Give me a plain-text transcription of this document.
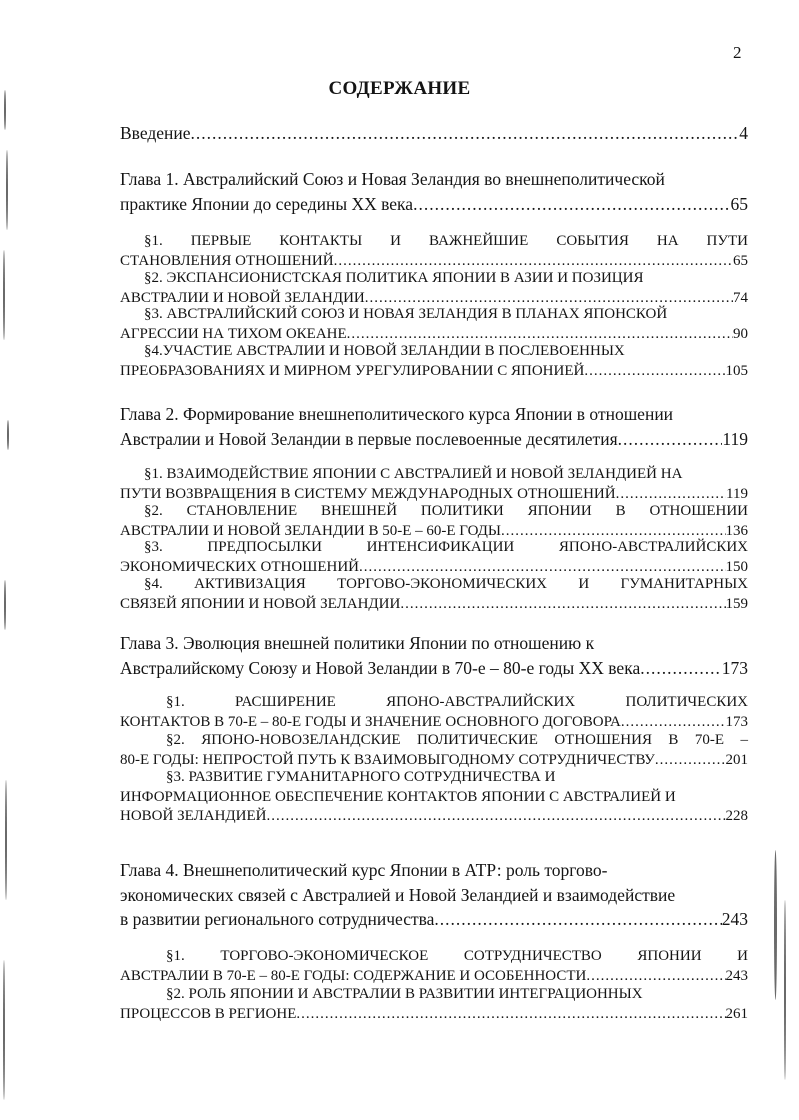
2
СОДЕРЖАНИЕ
Введение .....	4
Глава 1. Австралийский Союз и Новая Зеландия во внешнеполитической
практике Японии до середины XX века .....	65
§1. ПЕРВЫЕ КОНТАКТЫ И ВАЖНЕЙШИЕ СОБЫТИЯ НА ПУТИ
СТАНОВЛЕНИЯ ОТНОШЕНИЙ .....	65
§2. ЭКСПАНСИОНИСТСКАЯ ПОЛИТИКА ЯПОНИИ В АЗИИ И ПОЗИЦИЯ
АВСТРАЛИИ И НОВОЙ ЗЕЛАНДИИ .....	74
§3. АВСТРАЛИЙСКИЙ СОЮЗ И НОВАЯ ЗЕЛАНДИЯ В ПЛАНАХ ЯПОНСКОЙ
АГРЕССИИ НА ТИХОМ ОКЕАНЕ .....	90
§4.УЧАСТИЕ АВСТРАЛИИ И НОВОЙ ЗЕЛАНДИИ В ПОСЛЕВОЕННЫХ
ПРЕОБРАЗОВАНИЯХ И МИРНОМ УРЕГУЛИРОВАНИИ С ЯПОНИЕЙ .....	105
Глава 2. Формирование внешнеполитического курса Японии в отношении
Австралии и Новой Зеландии в первые послевоенные десятилетия .....	119
§1. ВЗАИМОДЕЙСТВИЕ ЯПОНИИ С АВСТРАЛИЕЙ И НОВОЙ ЗЕЛАНДИЕЙ НА
ПУТИ ВОЗВРАЩЕНИЯ В СИСТЕМУ МЕЖДУНАРОДНЫХ ОТНОШЕНИЙ .....	119
§2. СТАНОВЛЕНИЕ ВНЕШНЕЙ ПОЛИТИКИ ЯПОНИИ В ОТНОШЕНИИ
АВСТРАЛИИ И НОВОЙ ЗЕЛАНДИИ В 50-Е – 60-Е ГОДЫ .....	136
§3. ПРЕДПОСЫЛКИ ИНТЕНСИФИКАЦИИ ЯПОНО-АВСТРАЛИЙСКИХ
ЭКОНОМИЧЕСКИХ ОТНОШЕНИЙ .....	150
§4. АКТИВИЗАЦИЯ ТОРГОВО-ЭКОНОМИЧЕСКИХ И ГУМАНИТАРНЫХ
СВЯЗЕЙ ЯПОНИИ И НОВОЙ ЗЕЛАНДИИ .....	159
Глава 3. Эволюция внешней политики Японии по отношению к
Австралийскому Союзу и Новой Зеландии в 70-е – 80-е годы XX века .....	173
§1. РАСШИРЕНИЕ ЯПОНО-АВСТРАЛИЙСКИХ ПОЛИТИЧЕСКИХ
КОНТАКТОВ В 70-Е – 80-Е ГОДЫ И ЗНАЧЕНИЕ ОСНОВНОГО ДОГОВОРА .....	173
§2. ЯПОНО-НОВОЗЕЛАНДСКИЕ ПОЛИТИЧЕСКИЕ ОТНОШЕНИЯ В 70-Е –
80-Е ГОДЫ: НЕПРОСТОЙ ПУТЬ К ВЗАИМОВЫГОДНОМУ СОТРУДНИЧЕСТВУ .....	201
§3. РАЗВИТИЕ ГУМАНИТАРНОГО СОТРУДНИЧЕСТВА И
ИНФОРМАЦИОННОЕ ОБЕСПЕЧЕНИЕ КОНТАКТОВ ЯПОНИИ С АВСТРАЛИЕЙ И
НОВОЙ ЗЕЛАНДИЕЙ .....	228
Глава 4. Внешнеполитический курс Японии в АТР: роль торгово-
экономических связей с Австралией и Новой Зеландией и взаимодействие
в развитии регионального сотрудничества .....	243
§1. ТОРГОВО-ЭКОНОМИЧЕСКОЕ СОТРУДНИЧЕСТВО ЯПОНИИ И
АВСТРАЛИИ В 70-Е – 80-Е ГОДЫ: СОДЕРЖАНИЕ И ОСОБЕННОСТИ .....	243
§2. РОЛЬ ЯПОНИИ И АВСТРАЛИИ В РАЗВИТИИ ИНТЕГРАЦИОННЫХ
ПРОЦЕССОВ В РЕГИОНЕ .....	261
